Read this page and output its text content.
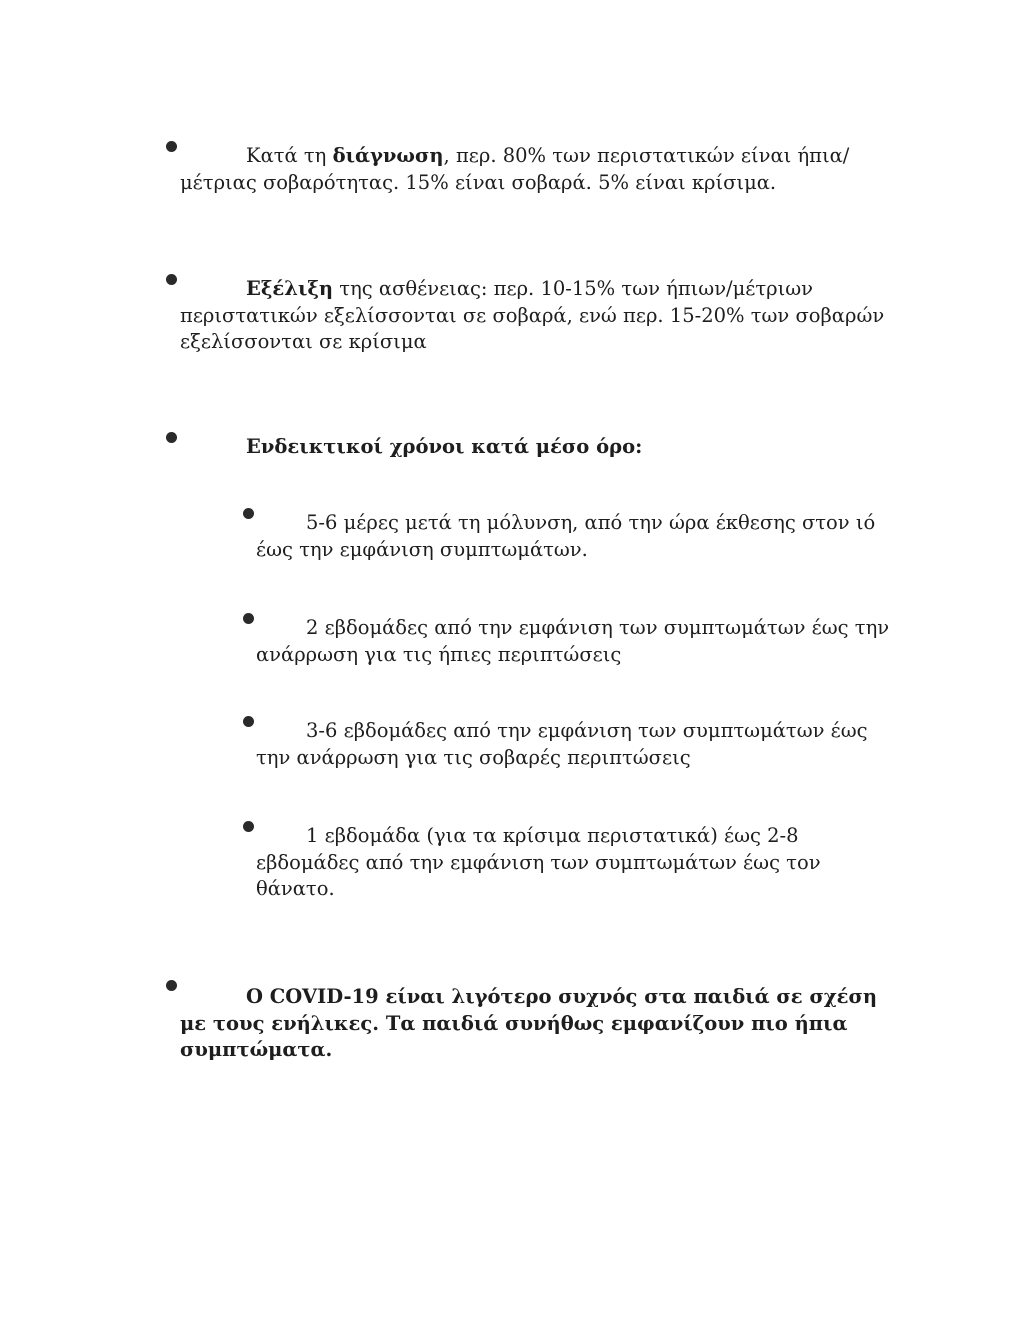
Κατά τη διάγνωση, περ. 80% των περιστατικών είναι ήπια/μέτριας σοβαρότητας. 15% είναι σοβαρά. 5% είναι κρίσιμα.
Εξέλιξη της ασθένειας: περ. 10-15% των ήπιων/μέτριων περιστατικών εξελίσσονται σε σοβαρά, ενώ περ. 15-20% των σοβαρών εξελίσσονται σε κρίσιμα
Ενδεικτικοί χρόνοι κατά μέσο όρο:
5-6 μέρες μετά τη μόλυνση, από την ώρα έκθεσης στον ιό έως την εμφάνιση συμπτωμάτων.
2 εβδομάδες από την εμφάνιση των συμπτωμάτων έως την ανάρρωση για τις ήπιες περιπτώσεις
3-6 εβδομάδες από την εμφάνιση των συμπτωμάτων έως την ανάρρωση για τις σοβαρές περιπτώσεις
1 εβδομάδα (για τα κρίσιμα περιστατικά) έως 2-8 εβδομάδες από την εμφάνιση των συμπτωμάτων έως τον θάνατο.
O COVID-19 είναι λιγότερο συχνός στα παιδιά σε σχέση με τους ενήλικες. Τα παιδιά συνήθως εμφανίζουν πιο ήπια συμπτώματα.
